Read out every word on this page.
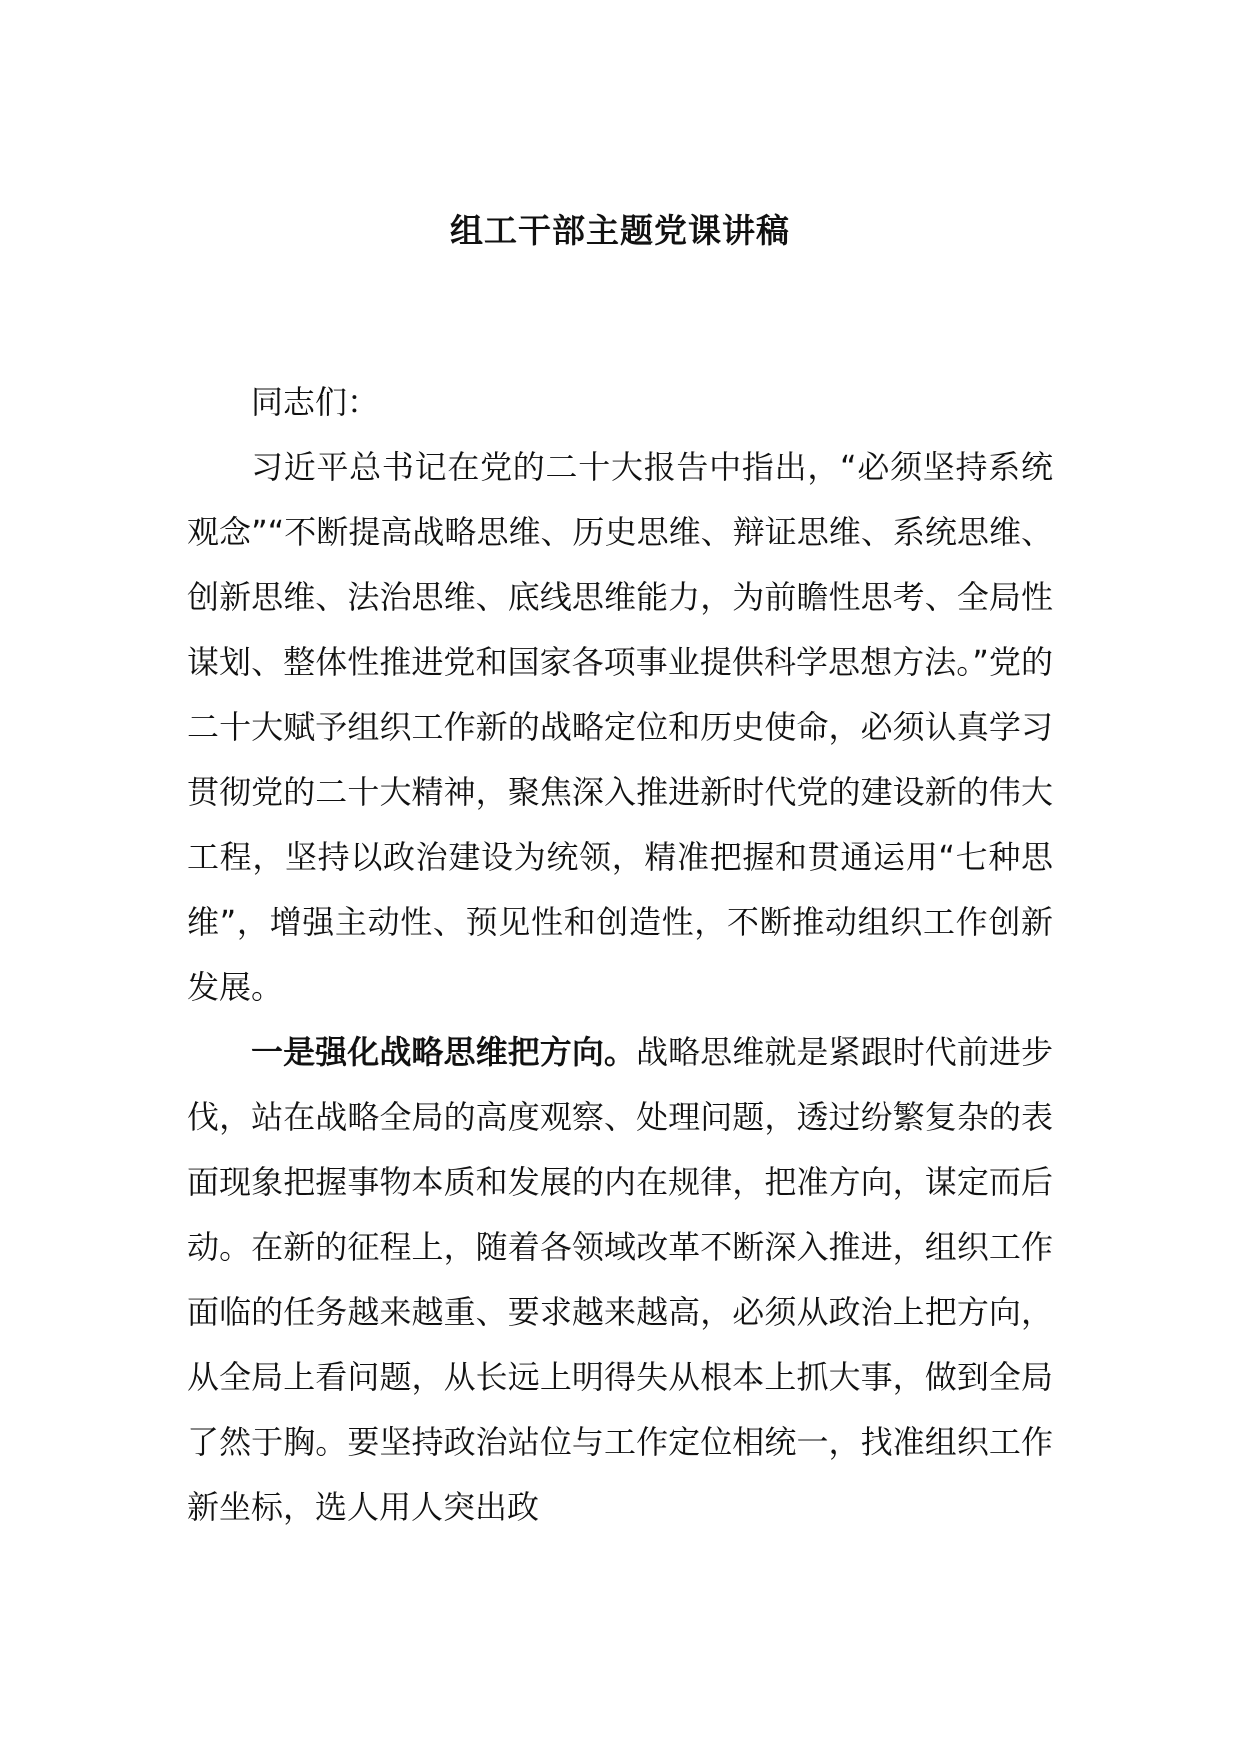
组工干部主题党课讲稿

同志们：

习近平总书记在党的二十大报告中指出，“必须坚持系统观念”“不断提高战略思维、历史思维、辩证思维、系统思维、创新思维、法治思维、底线思维能力，为前瞻性思考、全局性谋划、整体性推进党和国家各项事业提供科学思想方法。”党的二十大赋予组织工作新的战略定位和历史使命，必须认真学习贯彻党的二十大精神，聚焦深入推进新时代党的建设新的伟大工程，坚持以政治建设为统领，精准把握和贯通运用“七种思维”，增强主动性、预见性和创造性，不断推动组织工作创新发展。

一是强化战略思维把方向。战略思维就是紧跟时代前进步伐，站在战略全局的高度观察、处理问题，透过纷繁复杂的表面现象把握事物本质和发展的内在规律，把准方向，谋定而后动。在新的征程上，随着各领域改革不断深入推进，组织工作面临的任务越来越重、要求越来越高，必须从政治上把方向，从全局上看问题，从长远上明得失从根本上抓大事，做到全局了然于胸。要坚持政治站位与工作定位相统一，找准组织工作新坐标，选人用人突出政
